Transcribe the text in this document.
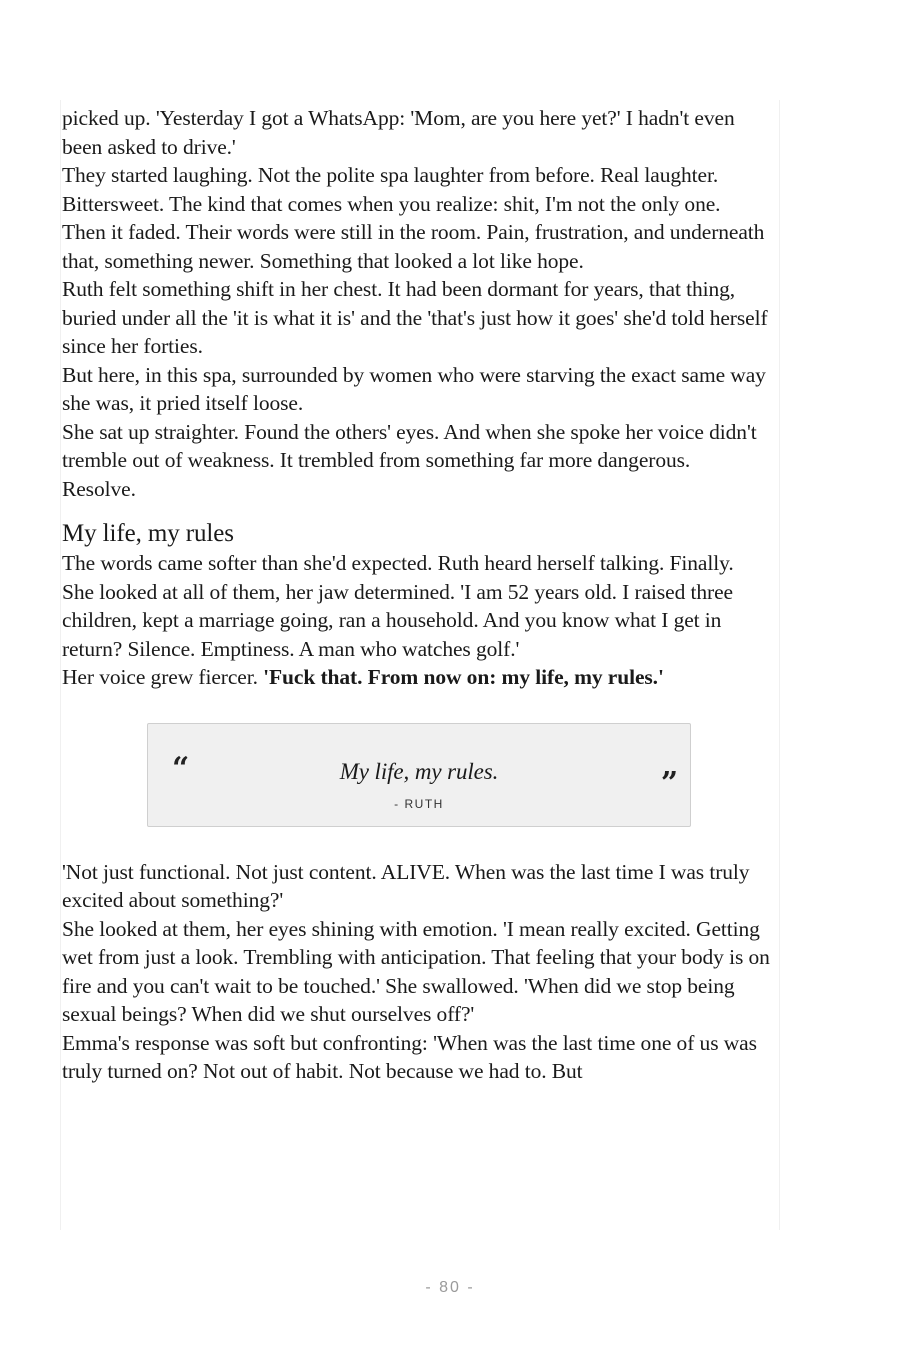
picked up. 'Yesterday I got a WhatsApp: 'Mom, are you here yet?' I hadn't even been asked to drive.'

They started laughing. Not the polite spa laughter from before. Real laughter. Bittersweet. The kind that comes when you realize: shit, I'm not the only one.

Then it faded. Their words were still in the room. Pain, frustration, and underneath that, something newer. Something that looked a lot like hope.

Ruth felt something shift in her chest. It had been dormant for years, that thing, buried under all the 'it is what it is' and the 'that's just how it goes' she'd told herself since her forties.

But here, in this spa, surrounded by women who were starving the exact same way she was, it pried itself loose.

She sat up straighter. Found the others' eyes. And when she spoke her voice didn't tremble out of weakness. It trembled from something far more dangerous.

Resolve.

My life, my rules

The words came softer than she'd expected. Ruth heard herself talking. Finally.

She looked at all of them, her jaw determined. 'I am 52 years old. I raised three children, kept a marriage going, ran a household. And you know what I get in return? Silence. Emptiness. A man who watches golf.'

Her voice grew fiercer. 'Fuck that. From now on: my life, my rules.'

“	My life, my rules.
- RUTH
”

'Not just functional. Not just content. ALIVE. When was the last time I was truly excited about something?'

She looked at them, her eyes shining with emotion. 'I mean really excited. Getting wet from just a look. Trembling with anticipation. That feeling that your body is on fire and you can't wait to be touched.' She swallowed. 'When did we stop being sexual beings? When did we shut ourselves off?'

Emma's response was soft but confronting: 'When was the last time one of us was truly turned on? Not out of habit. Not because we had to. But

- 80 -
